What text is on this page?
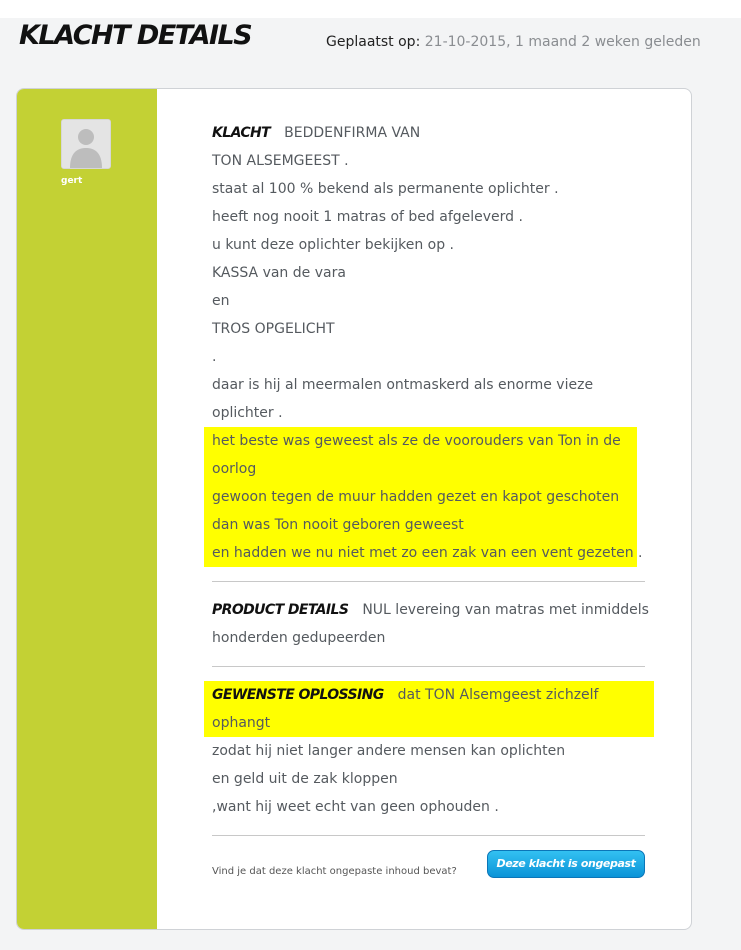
KLACHT DETAILS	Geplaatst op: 21-10-2015, 1 maand 2 weken geleden
gert
KLACHT BEDDENFIRMA VAN
TON ALSEMGEEST .
staat al 100 % bekend als permanente oplichter .
heeft nog nooit 1 matras of bed afgeleverd .
u kunt deze oplichter bekijken op .
KASSA van de vara
en
TROS OPGELICHT
.
daar is hij al meermalen ontmaskerd als enorme vieze
oplichter .
het beste was geweest als ze de voorouders van Ton in de
oorlog
gewoon tegen de muur hadden gezet en kapot geschoten
dan was Ton nooit geboren geweest
en hadden we nu niet met zo een zak van een vent gezeten .
PRODUCT DETAILS NUL levereing van matras met inmiddels
honderden gedupeerden
GEWENSTE OPLOSSING dat TON Alsemgeest zichzelf
ophangt
zodat hij niet langer andere mensen kan oplichten
en geld uit de zak kloppen
,want hij weet echt van geen ophouden .
Vind je dat deze klacht ongepaste inhoud bevat?
Deze klacht is ongepast
